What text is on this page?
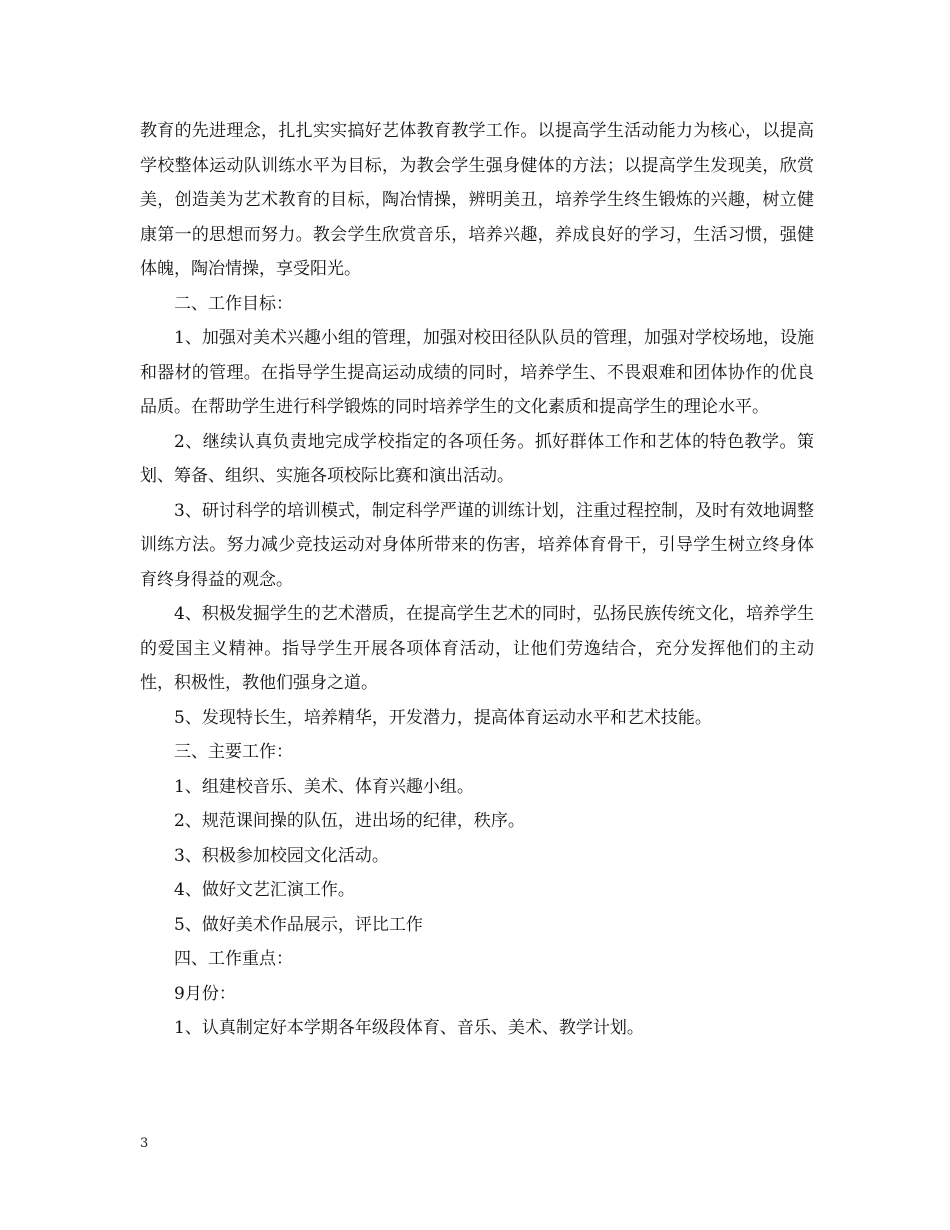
教育的先进理念，扎扎实实搞好艺体教育教学工作。以提高学生活动能力为核心，以提高学校整体运动队训练水平为目标，为教会学生强身健体的方法；以提高学生发现美，欣赏美，创造美为艺术教育的目标，陶冶情操，辨明美丑，培养学生终生锻炼的兴趣，树立健康第一的思想而努力。教会学生欣赏音乐，培养兴趣，养成良好的学习，生活习惯，强健体魄，陶冶情操，享受阳光。

二、工作目标：

1、加强对美术兴趣小组的管理，加强对校田径队队员的管理，加强对学校场地，设施和器材的管理。在指导学生提高运动成绩的同时，培养学生、不畏艰难和团体协作的优良品质。在帮助学生进行科学锻炼的同时培养学生的文化素质和提高学生的理论水平。

2、继续认真负责地完成学校指定的各项任务。抓好群体工作和艺体的特色教学。策划、筹备、组织、实施各项校际比赛和演出活动。

3、研讨科学的培训模式，制定科学严谨的训练计划，注重过程控制，及时有效地调整训练方法。努力减少竞技运动对身体所带来的伤害，培养体育骨干，引导学生树立终身体育终身得益的观念。

4、积极发掘学生的艺术潜质，在提高学生艺术的同时，弘扬民族传统文化，培养学生的爱国主义精神。指导学生开展各项体育活动，让他们劳逸结合，充分发挥他们的主动性，积极性，教他们强身之道。

5、发现特长生，培养精华，开发潜力，提高体育运动水平和艺术技能。

三、主要工作：

1、组建校音乐、美术、体育兴趣小组。

2、规范课间操的队伍，进出场的纪律，秩序。

3、积极参加校园文化活动。

4、做好文艺汇演工作。

5、做好美术作品展示，评比工作

四、工作重点：

9月份：

1、认真制定好本学期各年级段体育、音乐、美术、教学计划。

3
